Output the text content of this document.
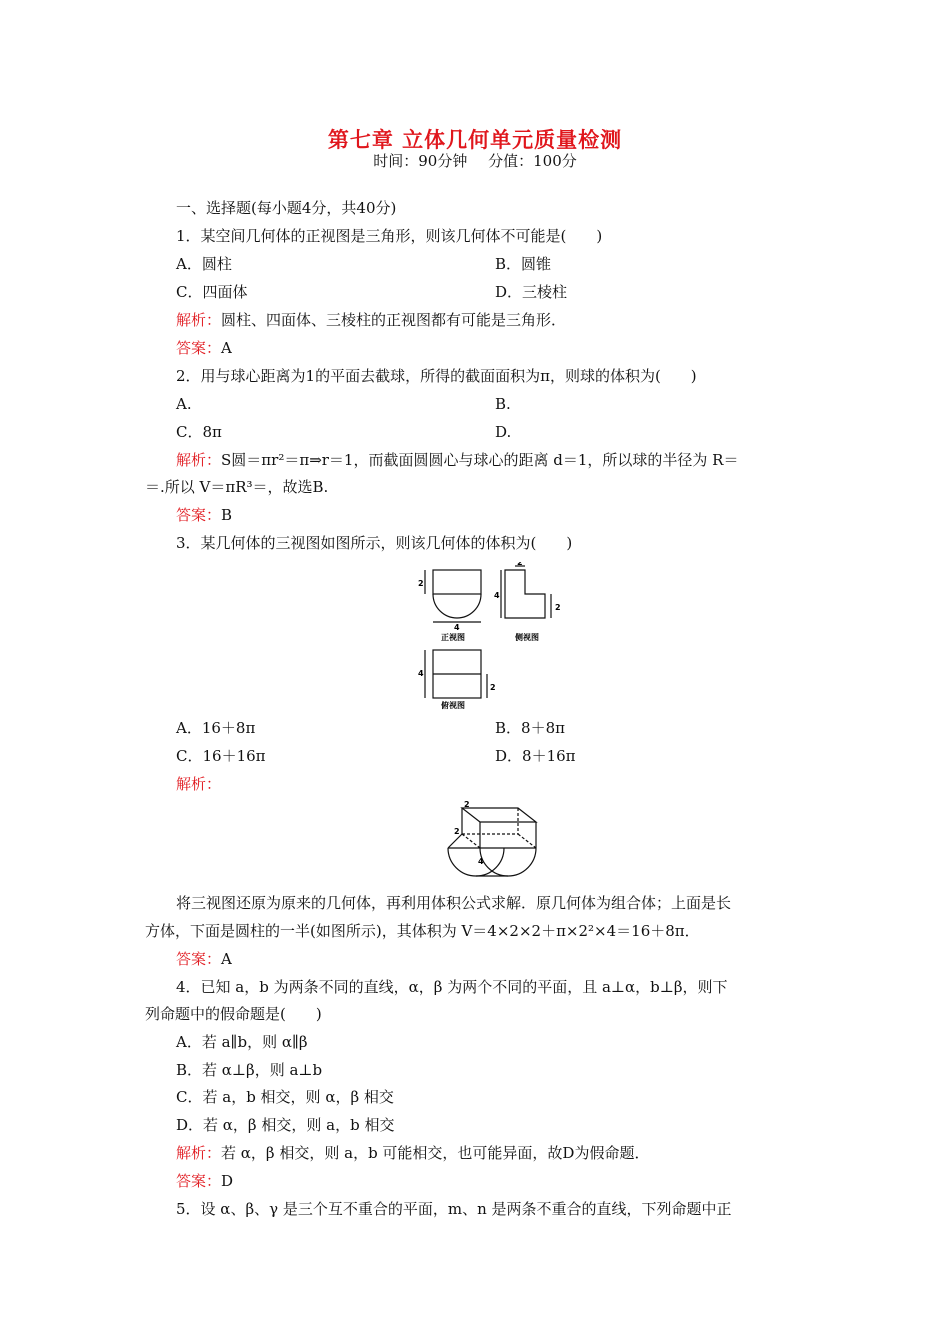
第七章 立体几何单元质量检测
时间：90分钟 分值：100分
一、选择题(每小题4分，共40分)
1．某空间几何体的正视图是三角形，则该几何体不可能是(　　)
A．圆柱	B．圆锥
C．四面体	D．三棱柱
解析：圆柱、四面体、三棱柱的正视图都有可能是三角形．
答案：A
2．用与球心距离为1的平面去截球，所得的截面面积为π，则球的体积为(　　)
A.	B.
C．8π	D.
解析：S圆＝πr²＝π⇒r＝1，而截面圆圆心与球心的距离 d＝1，所以球的半径为 R＝
＝.所以 V＝πR³＝，故选B.
答案：B
3．某几何体的三视图如图所示，则该几何体的体积为(　　)
2
4
正视图
4
2
2
侧视图
4
2
俯视图
A．16＋8π	B．8＋8π
C．16＋16π	D．8＋16π
解析：
2
2
4
将三视图还原为原来的几何体，再利用体积公式求解．原几何体为组合体；上面是长
方体，下面是圆柱的一半(如图所示)，其体积为 V＝4×2×2＋π×2²×4＝16＋8π．
答案：A
4．已知 a，b 为两条不同的直线，α，β 为两个不同的平面，且 a⊥α，b⊥β，则下
列命题中的假命题是(　　)
A．若 a∥b，则 α∥β
B．若 α⊥β，则 a⊥b
C．若 a，b 相交，则 α，β 相交
D．若 α，β 相交，则 a，b 相交
解析：若 α，β 相交，则 a，b 可能相交，也可能异面，故D为假命题．
答案：D
5．设 α、β、γ 是三个互不重合的平面，m、n 是两条不重合的直线，下列命题中正
